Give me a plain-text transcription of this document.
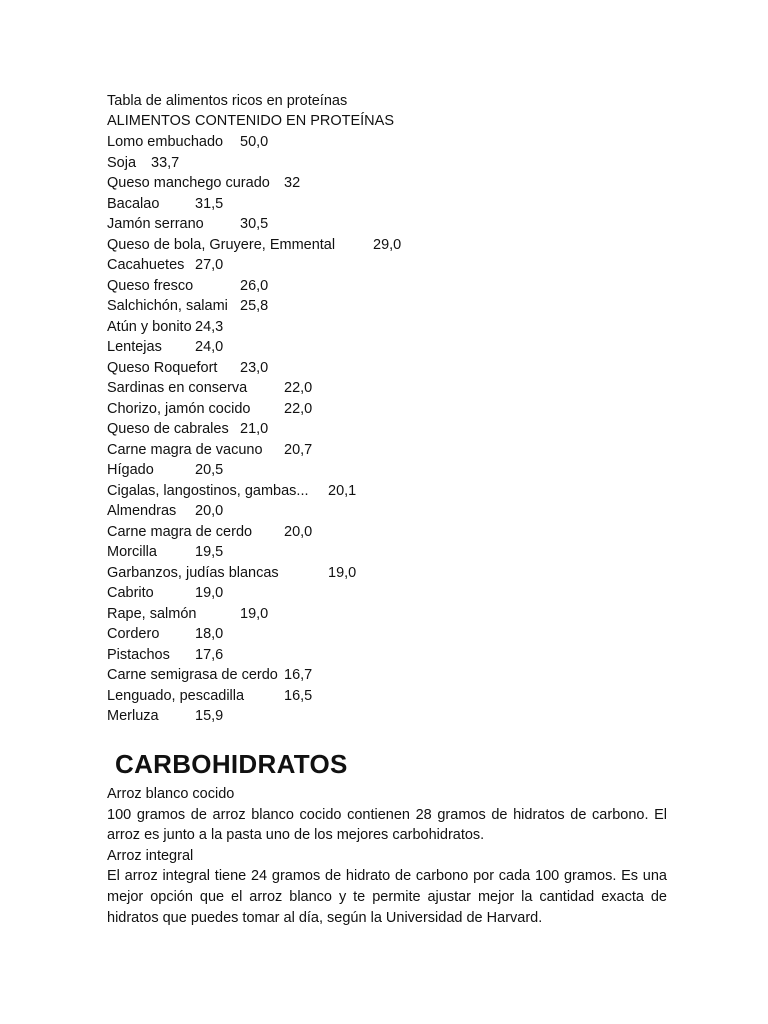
Tabla de alimentos ricos en proteínas
ALIMENTOS CONTENIDO EN PROTEÍNAS
Lomo embuchado 50,0
Soja 33,7
Queso manchego curado 32
Bacalao 31,5
Jamón serrano	30,5
Queso de bola, Gruyere, Emmental	29,0
Cacahuetes 27,0
Queso fresco	26,0
Salchichón, salami 25,8
Atún y bonito 24,3
Lentejas 24,0
Queso Roquefort 23,0
Sardinas en conserva	22,0
Chorizo, jamón cocido 22,0
Queso de cabrales 21,0
Carne magra de vacuno 20,7
Hígado	20,5
Cigalas, langostinos, gambas... 20,1
Almendras 20,0
Carne magra de cerdo 20,0
Morcilla	19,5
Garbanzos, judías blancas	19,0
Cabrito	19,0
Rape, salmón	19,0
Cordero 18,0
Pistachos 17,6
Carne semigrasa de cerdo 16,7
Lenguado, pescadilla	16,5
Merluza	15,9
CARBOHIDRATOS

Arroz blanco cocido

100 gramos de arroz blanco cocido contienen 28 gramos de hidratos de carbono. El arroz es junto a la pasta uno de los mejores carbohidratos.

Arroz integral

El arroz integral tiene 24 gramos de hidrato de carbono por cada 100 gramos. Es una mejor opción que el arroz blanco y te permite ajustar mejor la cantidad exacta de hidratos que puedes tomar al día, según la Universidad de Harvard.
